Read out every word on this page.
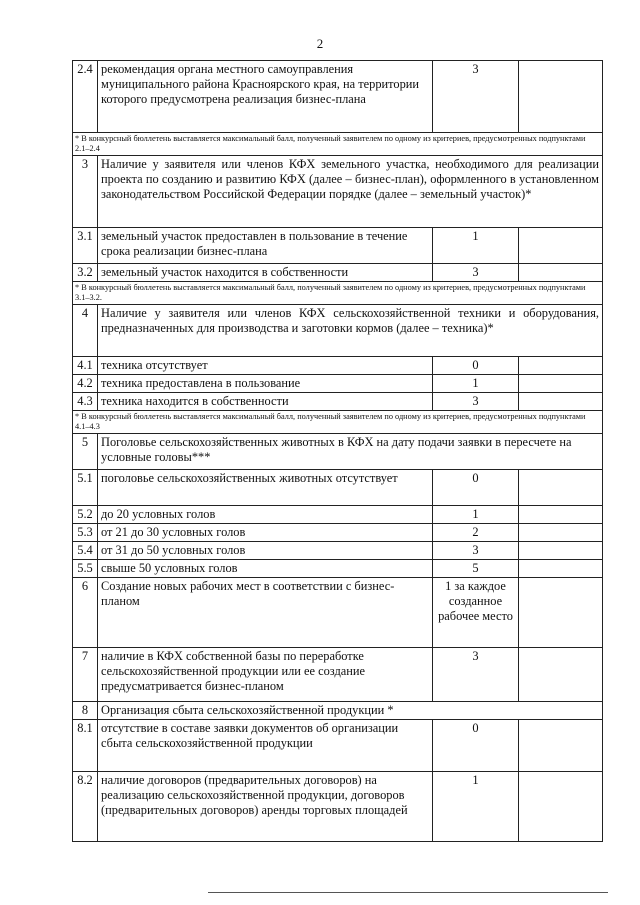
2
2.4	рекомендация органа местного самоуправления муниципального района Красноярского края, на территории которого предусмотрена реализация бизнес-плана	3	
* В конкурсный бюллетень выставляется максимальный балл, полученный заявителем по одному из критериев, предусмотренных подпунктами 2.1–2.4			
3	Наличие у заявителя или членов КФХ земельного участка, необходимого для реализации проекта по созданию и развитию КФХ (далее – бизнес-план), оформленного в установленном законодательством Российской Федерации порядке (далее – земельный участок)*		
3.1	земельный участок предоставлен в пользование в течение срока реализации бизнес-плана	1	
3.2	земельный участок находится в собственности	3	
* В конкурсный бюллетень выставляется максимальный балл, полученный заявителем по одному из критериев, предусмотренных подпунктами 3.1–3.2.			
4	Наличие у заявителя или членов КФХ сельскохозяйственной техники и оборудования, предназначенных для производства и заготовки кормов (далее – техника)*		
4.1	техника отсутствует	0	
4.2	техника предоставлена в пользование	1	
4.3	техника находится в собственности	3	
* В конкурсный бюллетень выставляется максимальный балл, полученный заявителем по одному из критериев, предусмотренных подпунктами 4.1–4.3			
5	Поголовье сельскохозяйственных животных в КФХ на дату подачи заявки в пересчете на условные головы***		
5.1	поголовье сельскохозяйственных животных отсутствует	0	
5.2	до 20 условных голов	1	
5.3	от 21 до 30 условных голов	2	
5.4	от 31 до 50 условных голов	3	
5.5	свыше 50 условных голов	5	
6	Создание новых рабочих мест в соответствии с бизнес-планом	1 за каждое созданное рабочее место	
7	наличие в КФХ собственной базы по переработке сельскохозяйственной продукции или ее создание предусматривается бизнес-планом	3	
8	Организация сбыта сельскохозяйственной продукции *		
8.1	отсутствие в составе заявки документов об организации сбыта сельскохозяйственной продукции	0	
8.2	наличие договоров (предварительных договоров) на реализацию сельскохозяйственной продукции, договоров (предварительных договоров) аренды торговых площадей	1	
